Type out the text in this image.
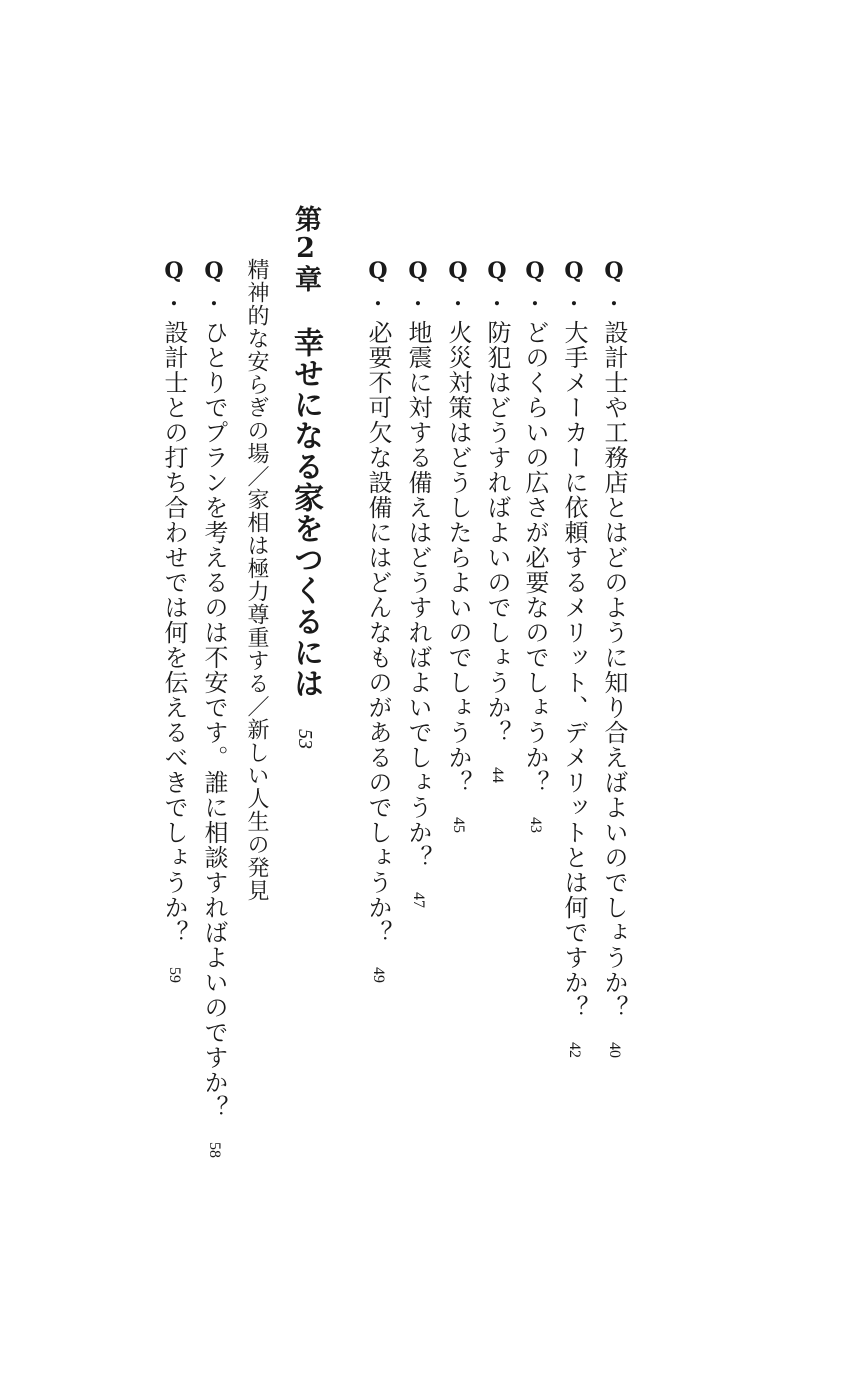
Q.設計士や工務店とはどのように知り合えばよいのでしょうか？40
Q.大手メーカーに依頼するメリット、デメリットとは何ですか？42
Q.どのくらいの広さが必要なのでしょうか？43
Q.防犯はどうすればよいのでしょうか？44
Q.火災対策はどうしたらよいのでしょうか？45
Q.地震に対する備えはどうすればよいでしょうか？47
Q.必要不可欠な設備にはどんなものがあるのでしょうか？49
第2章幸せになる家をつくるには53
精神的な安らぎの場／家相は極力尊重する／新しい人生の発見
Q.ひとりでプランを考えるのは不安です。誰に相談すればよいのですか？58
Q.設計士との打ち合わせでは何を伝えるべきでしょうか？59
